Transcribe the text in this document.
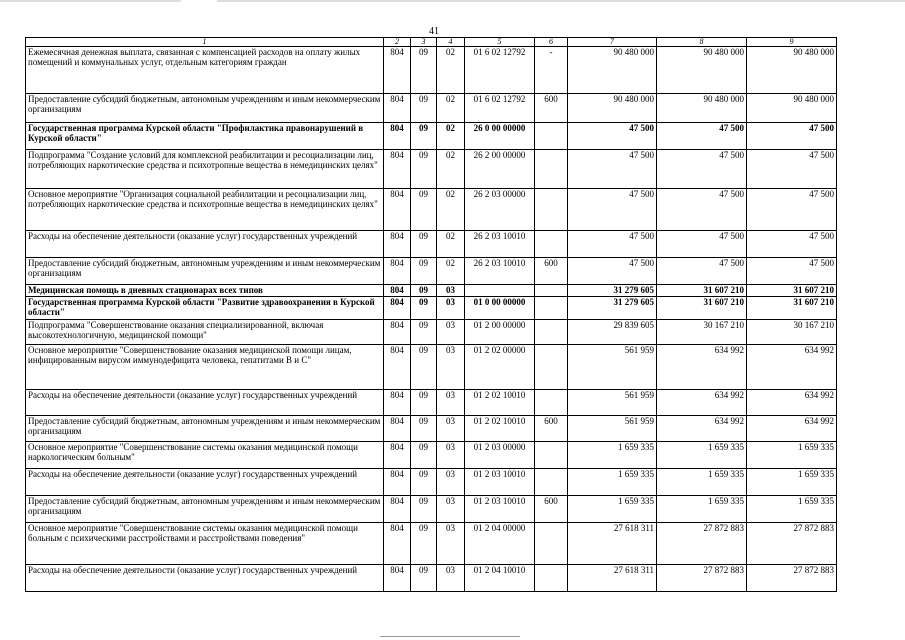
41
1	2	3	4	5	6	7	8	9
Ежемесячная денежная выплата, связанная с компенсацией расходов на оплату жилых помещений и коммунальных услуг, отдельным категориям граждан	804	09	02	01 6 02 12792	-	90 480 000	90 480 000	90 480 000
Предоставление субсидий бюджетным, автономным учреждениям и иным некоммерческим организациям	804	09	02	01 6 02 12792	600	90 480 000	90 480 000	90 480 000
Государственная программа Курской области "Профилактика правонарушений в Курской области"	804	09	02	26 0 00 00000		47 500	47 500	47 500
Подпрограмма "Создание условий для комплексной реабилитации и ресоциализации лиц, потребляющих наркотические средства и психотропные вещества в немедицинских целях"	804	09	02	26 2 00 00000		47 500	47 500	47 500
Основное мероприятие "Организация социальной реабилитации и ресоциализации лиц, потребляющих наркотические средства и психотропные вещества в немедицинских целях"	804	09	02	26 2 03 00000		47 500	47 500	47 500
Расходы на обеспечение деятельности (оказание услуг) государственных учреждений	804	09	02	26 2 03 10010		47 500	47 500	47 500
Предоставление субсидий бюджетным, автономным учреждениям и иным некоммерческим организациям	804	09	02	26 2 03 10010	600	47 500	47 500	47 500
Медицинская помощь в дневных стационарах всех типов	804	09	03			31 279 605	31 607 210	31 607 210
Государственная программа Курской области "Развитие здравоохранения в Курской области"	804	09	03	01 0 00 00000		31 279 605	31 607 210	31 607 210
Подпрограмма "Совершенствование оказания специализированной, включая высокотехнологичную, медицинской помощи"	804	09	03	01 2 00 00000		29 839 605	30 167 210	30 167 210
Основное мероприятие "Совершенствование оказания медицинской помощи лицам, инфицированным вирусом иммунодефицита человека, гепатитами В и С"	804	09	03	01 2 02 00000		561 959	634 992	634 992
Расходы на обеспечение деятельности (оказание услуг) государственных учреждений	804	09	03	01 2 02 10010		561 959	634 992	634 992
Предоставление субсидий бюджетным, автономным учреждениям и иным некоммерческим организациям	804	09	03	01 2 02 10010	600	561 959	634 992	634 992
Основное мероприятие "Совершенствование системы оказания медицинской помощи наркологическим больным"	804	09	03	01 2 03 00000		1 659 335	1 659 335	1 659 335
Расходы на обеспечение деятельности (оказание услуг) государственных учреждений	804	09	03	01 2 03 10010		1 659 335	1 659 335	1 659 335
Предоставление субсидий бюджетным, автономным учреждениям и иным некоммерческим организациям	804	09	03	01 2 03 10010	600	1 659 335	1 659 335	1 659 335
Основное мероприятие "Совершенствование системы оказания медицинской помощи больным с психическими расстройствами и расстройствами поведения"	804	09	03	01 2 04 00000		27 618 311	27 872 883	27 872 883
Расходы на обеспечение деятельности (оказание услуг) государственных учреждений	804	09	03	01 2 04 10010		27 618 311	27 872 883	27 872 883
